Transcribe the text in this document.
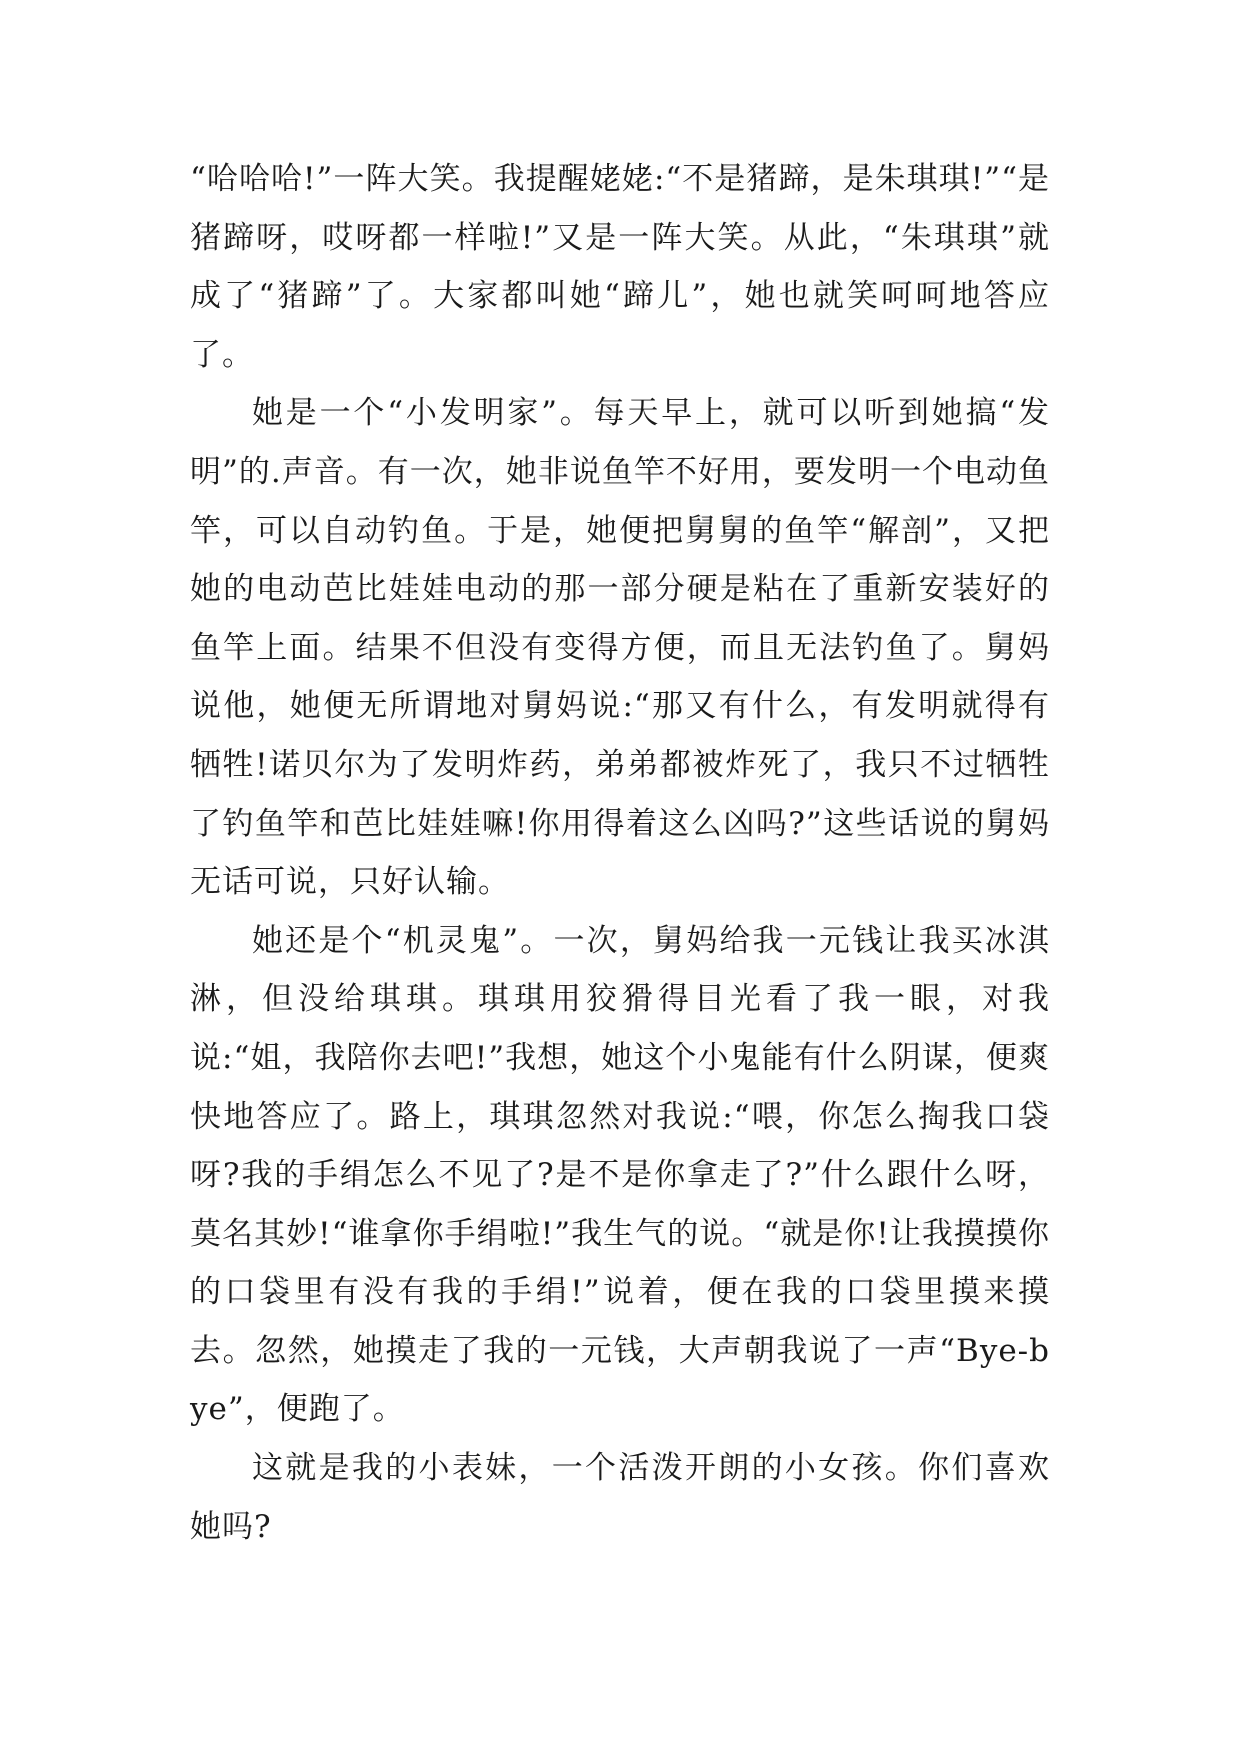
“哈哈哈!”一阵大笑。我提醒姥姥:“不是猪蹄，是朱琪琪!”“是猪蹄呀，哎呀都一样啦!”又是一阵大笑。从此，“朱琪琪”就成了“猪蹄”了。大家都叫她“蹄儿”，她也就笑呵呵地答应了。

她是一个“小发明家”。每天早上，就可以听到她搞“发明”的.声音。有一次，她非说鱼竿不好用，要发明一个电动鱼竿，可以自动钓鱼。于是，她便把舅舅的鱼竿“解剖”，又把她的电动芭比娃娃电动的那一部分硬是粘在了重新安装好的鱼竿上面。结果不但没有变得方便，而且无法钓鱼了。舅妈说他，她便无所谓地对舅妈说:“那又有什么，有发明就得有牺牲!诺贝尔为了发明炸药，弟弟都被炸死了，我只不过牺牲了钓鱼竿和芭比娃娃嘛!你用得着这么凶吗?”这些话说的舅妈无话可说，只好认输。

她还是个“机灵鬼”。一次，舅妈给我一元钱让我买冰淇淋，但没给琪琪。琪琪用狡猾得目光看了我一眼，对我说:“姐，我陪你去吧!”我想，她这个小鬼能有什么阴谋，便爽快地答应了。路上，琪琪忽然对我说:“喂，你怎么掏我口袋呀?我的手绢怎么不见了?是不是你拿走了?”什么跟什么呀，莫名其妙!“谁拿你手绢啦!”我生气的说。“就是你!让我摸摸你的口袋里有没有我的手绢!”说着，便在我的口袋里摸来摸去。忽然，她摸走了我的一元钱，大声朝我说了一声“Bye-bye”，便跑了。

这就是我的小表妹，一个活泼开朗的小女孩。你们喜欢她吗?
